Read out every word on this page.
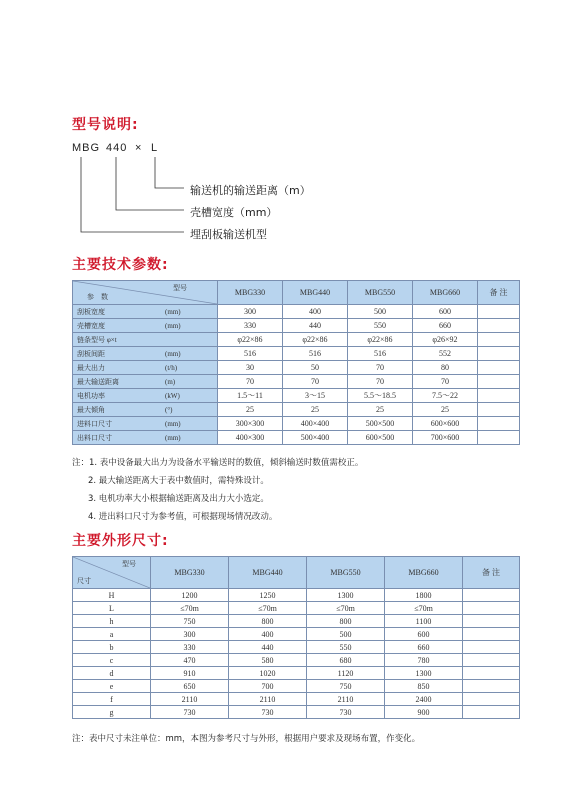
型号说明:
MBG 440 × L
输送机的输送距离（m）
壳槽宽度（mm）
埋刮板输送机型
主要技术参数:
型号
参　数	MBG330	MBG440	MBG550	MBG660	备 注
刮板宽度 (mm)	300	400	500	600	
壳槽宽度 (mm)	330	440	550	660	
链条型号 φ×t	φ22×86	φ22×86	φ22×86	φ26×92	
刮板间距 (mm)	516	516	516	552	
最大出力 (t/h)	30	50	70	80	
最大输送距离 (m)	70	70	70	70	
电机功率 (kW)	1.5～11	3～15	5.5～18.5	7.5～22	
最大倾角 (°)	25	25	25	25	
进料口尺寸 (mm)	300×300	400×400	500×500	600×600	
出料口尺寸 (mm)	400×300	500×400	600×500	700×600	
注：1. 表中设备最大出力为设备水平输送时的数值，倾斜输送时数值需校正。
2. 最大输送距离大于表中数值时，需特殊设计。
3. 电机功率大小根据输送距离及出力大小选定。
4. 进出料口尺寸为参考值，可根据现场情况改动。
主要外形尺寸:
型号
尺寸	MBG330	MBG440	MBG550	MBG660	备 注
H	1200	1250	1300	1800	
L	≤70m	≤70m	≤70m	≤70m	
h	750	800	800	1100	
a	300	400	500	600	
b	330	440	550	660	
c	470	580	680	780	
d	910	1020	1120	1300	
e	650	700	750	850	
f	2110	2110	2110	2400	
g	730	730	730	900	
注：表中尺寸未注单位：mm，本图为参考尺寸与外形，根据用户要求及现场布置，作变化。
